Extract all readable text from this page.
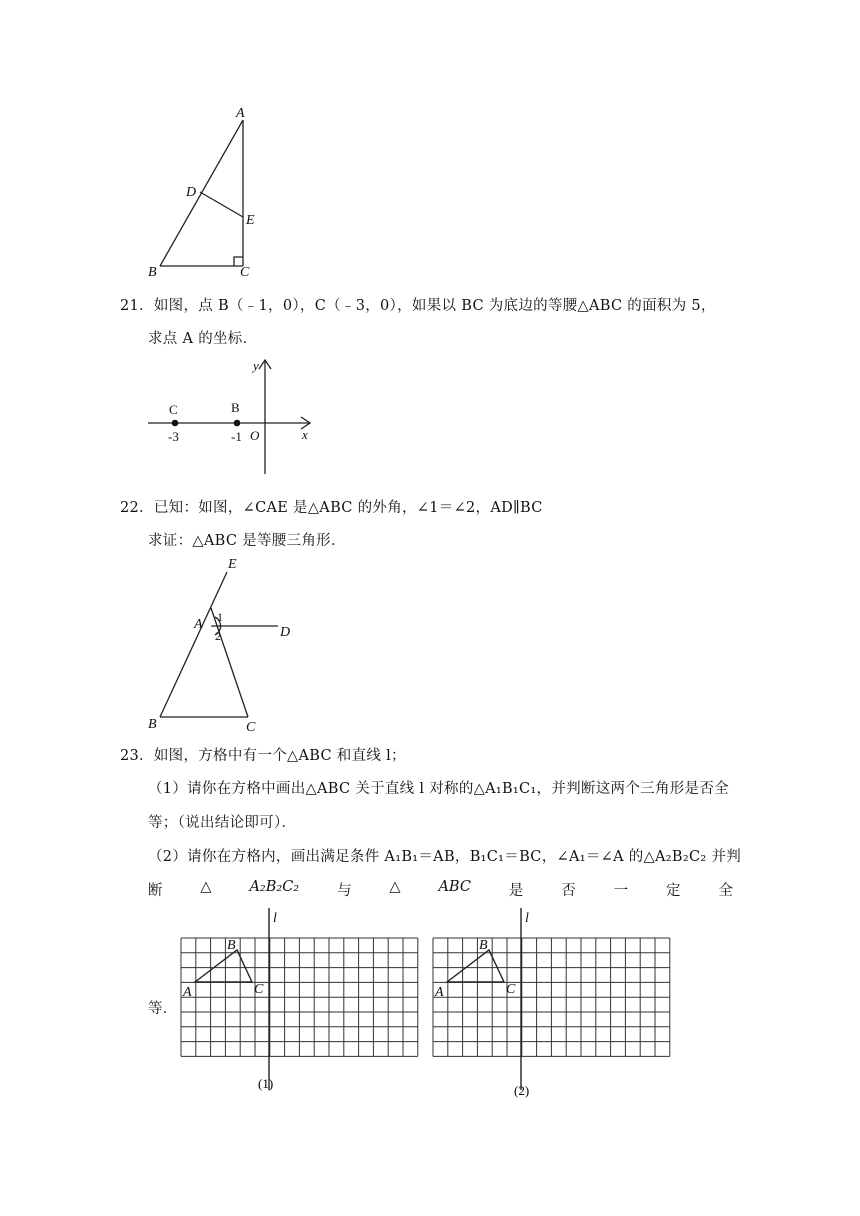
A
D
E
B	C
21．如图，点 B（﹣1，0），C（﹣3，0），如果以 BC 为底边的等腰△ABC 的面积为 5，
求点 A 的坐标．
y
x
O
C	B
-3	-1
22．已知：如图，∠CAE 是△ABC 的外角，∠1＝∠2，AD∥BC
求证：△ABC 是等腰三角形．
E
A
D
B	C
1
2
23．如图，方格中有一个△ABC 和直线 l；
（1）请你在方格中画出△ABC 关于直线 l 对称的△A₁B₁C₁，并判断这两个三角形是否全
等；（说出结论即可）．
（2）请你在方格内，画出满足条件 A₁B₁＝AB，B₁C₁＝BC，∠A₁＝∠A 的△A₂B₂C₂ 并判
断	△	A₂B₂C₂	与	△	ABC	是	否	一	定	全
等．
l
A
B
C
(1)
l
A
B
C
(2)
